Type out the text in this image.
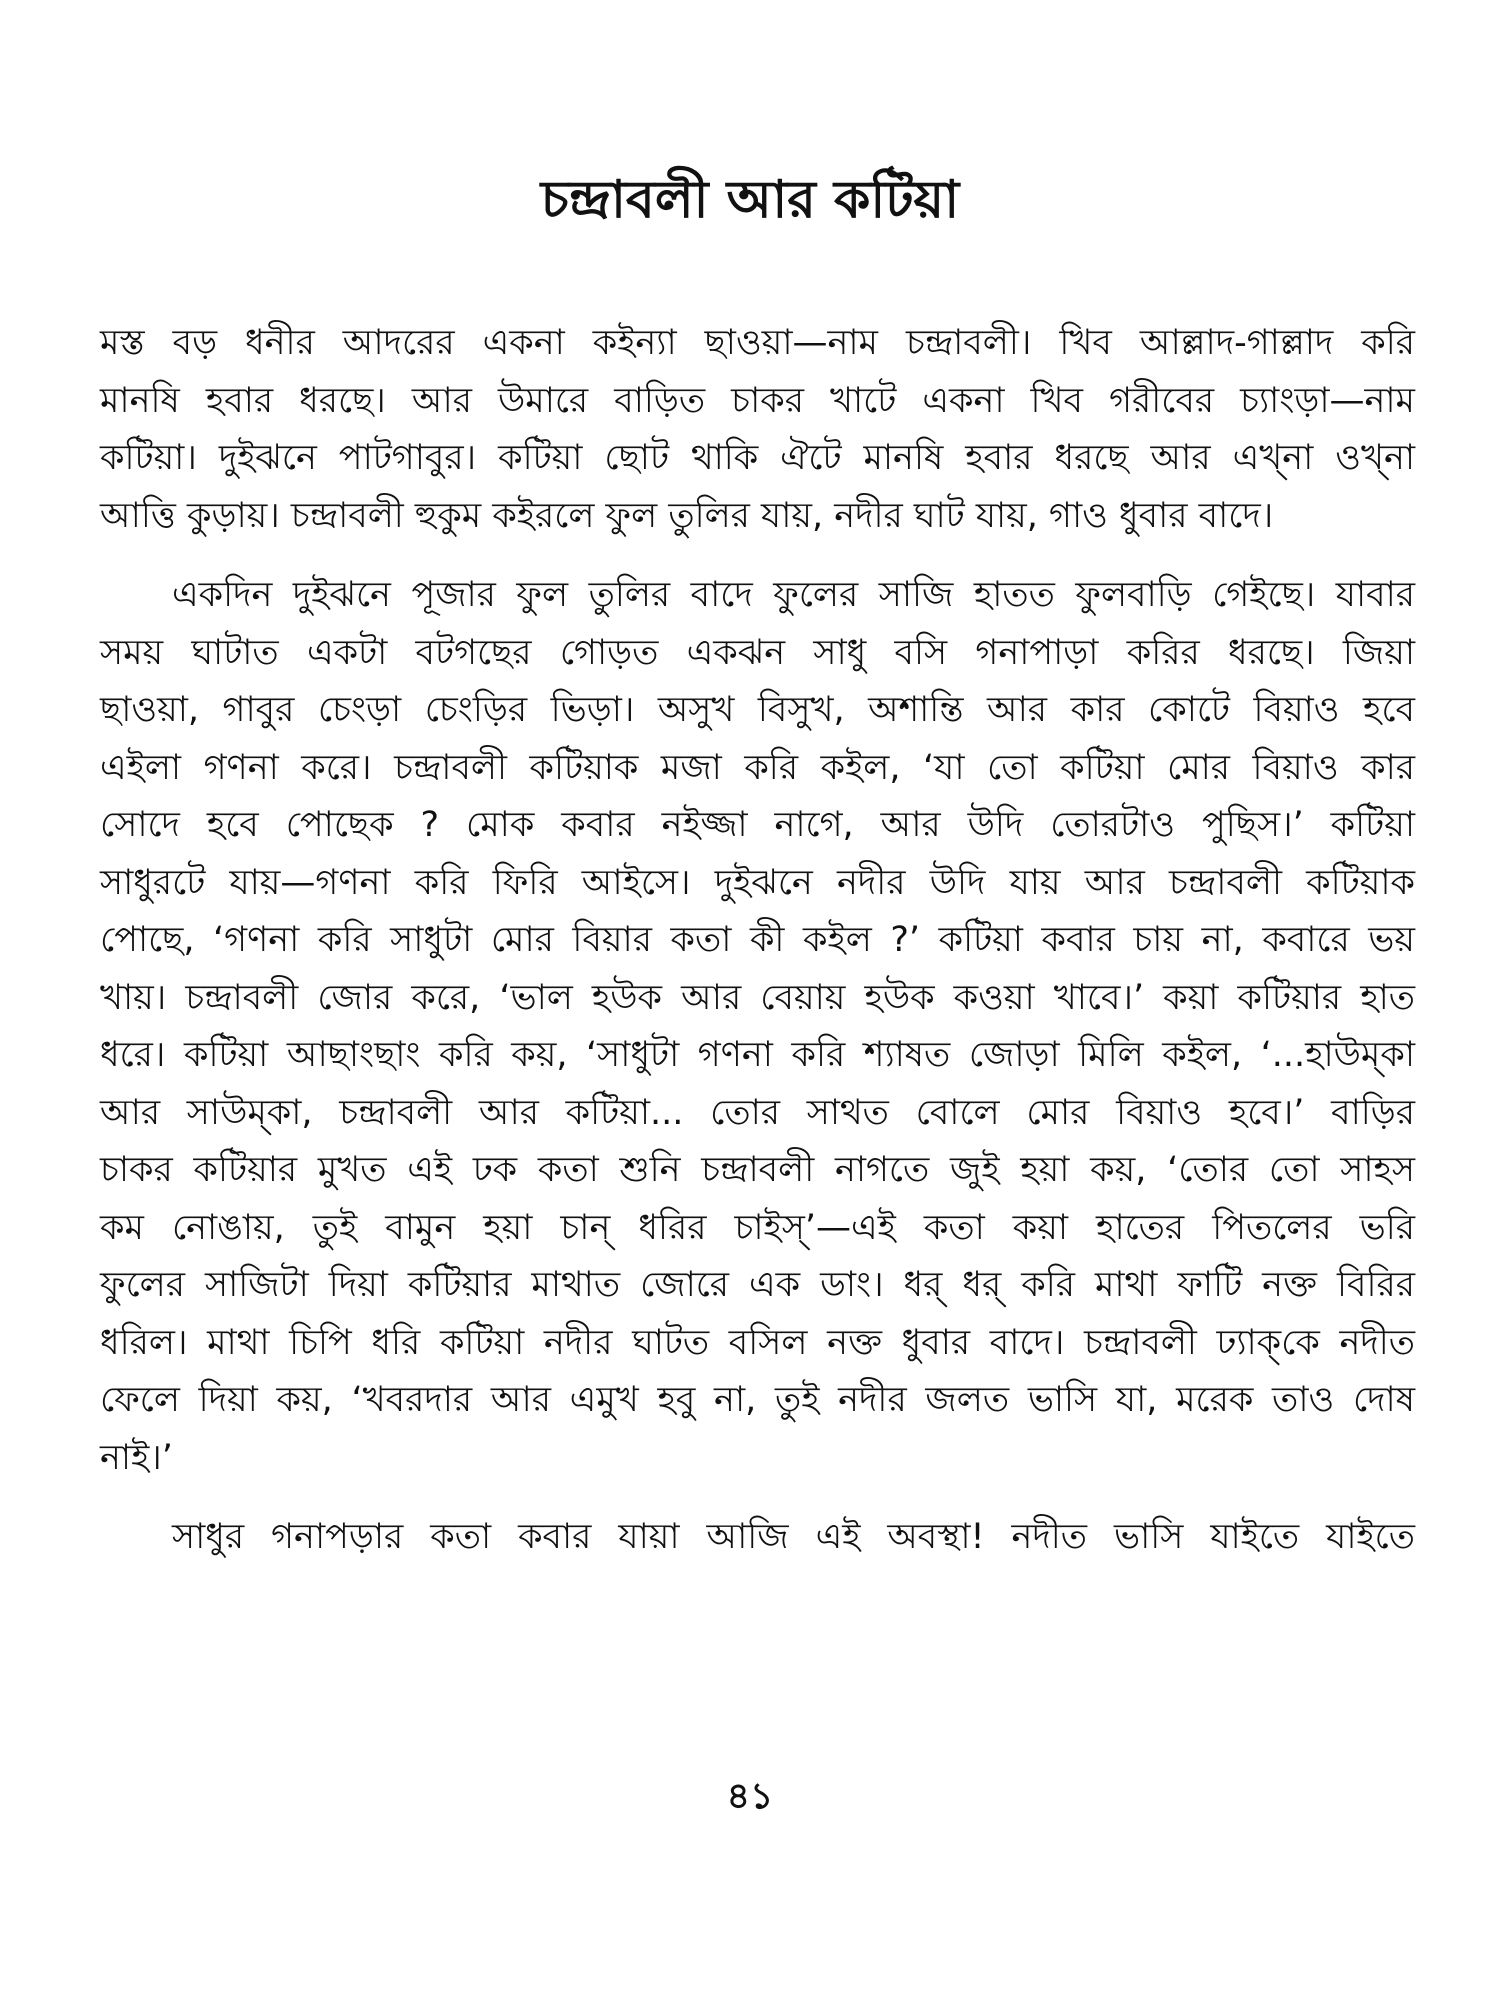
চন্দ্রাবলী আর কটিয়া

মস্ত বড় ধনীর আদরের একনা কইন্যা ছাওয়া—নাম চন্দ্রাবলী। খিব আল্লাদ-গাল্লাদ করি
মানষি হবার ধরছে। আর উমারে বাড়িত চাকর খাটে একনা খিব গরীবের চ্যাংড়া—নাম
কটিয়া। দুইঝনে পাটগাবুর। কটিয়া ছোট থাকি ঐটে মানষি হবার ধরছে আর এখ্‌না ওখ্‌না
আত্তি কুড়ায়। চন্দ্রাবলী হুকুম কইরলে ফুল তুলির যায়, নদীর ঘাট যায়, গাও ধুবার বাদে।

একদিন দুইঝনে পূজার ফুল তুলির বাদে ফুলের সাজি হাতত ফুলবাড়ি গেইছে। যাবার
সময় ঘাটাত একটা বটগছের গোড়ত একঝন সাধু বসি গনাপাড়া করির ধরছে। জিয়া
ছাওয়া, গাবুর চেংড়া চেংড়ির ভিড়া। অসুখ বিসুখ, অশান্তি আর কার কোটে বিয়াও হবে
এইলা গণনা করে। চন্দ্রাবলী কটিয়াক মজা করি কইল, ‘যা তো কটিয়া মোর বিয়াও কার
সোদে হবে পোছেক ? মোক কবার নইজ্জা নাগে, আর উদি তোরটাও পুছিস।’ কটিয়া
সাধুরটে যায়—গণনা করি ফিরি আইসে। দুইঝনে নদীর উদি যায় আর চন্দ্রাবলী কটিয়াক
পোছে, ‘গণনা করি সাধুটা মোর বিয়ার কতা কী কইল ?’ কটিয়া কবার চায় না, কবারে ভয়
খায়। চন্দ্রাবলী জোর করে, ‘ভাল হউক আর বেয়ায় হউক কওয়া খাবে।’ কয়া কটিয়ার হাত
ধরে। কটিয়া আছাংছাং করি কয়, ‘সাধুটা গণনা করি শ্যাষত জোড়া মিলি কইল, ‘...হাউম্‌কা
আর সাউম্‌কা, চন্দ্রাবলী আর কটিয়া... তোর সাথত বোলে মোর বিয়াও হবে।’ বাড়ির
চাকর কটিয়ার মুখত এই ঢক কতা শুনি চন্দ্রাবলী নাগতে জুই হয়া কয়, ‘তোর তো সাহস
কম নোঙায়, তুই বামুন হয়া চান্ ধরির চাইস্’—এই কতা কয়া হাতের পিতলের ভরি
ফুলের সাজিটা দিয়া কটিয়ার মাথাত জোরে এক ডাং। ধর্ ধর্ করি মাথা ফাটি নক্ত বিরির
ধরিল। মাথা চিপি ধরি কটিয়া নদীর ঘাটত বসিল নক্ত ধুবার বাদে। চন্দ্রাবলী ঢ্যাক্‌কে নদীত
ফেলে দিয়া কয়, ‘খবরদার আর এমুখ হবু না, তুই নদীর জলত ভাসি যা, মরেক তাও দোষ
নাই।’

সাধুর গনাপড়ার কতা কবার যায়া আজি এই অবস্থা! নদীত ভাসি যাইতে যাইতে

৪১
